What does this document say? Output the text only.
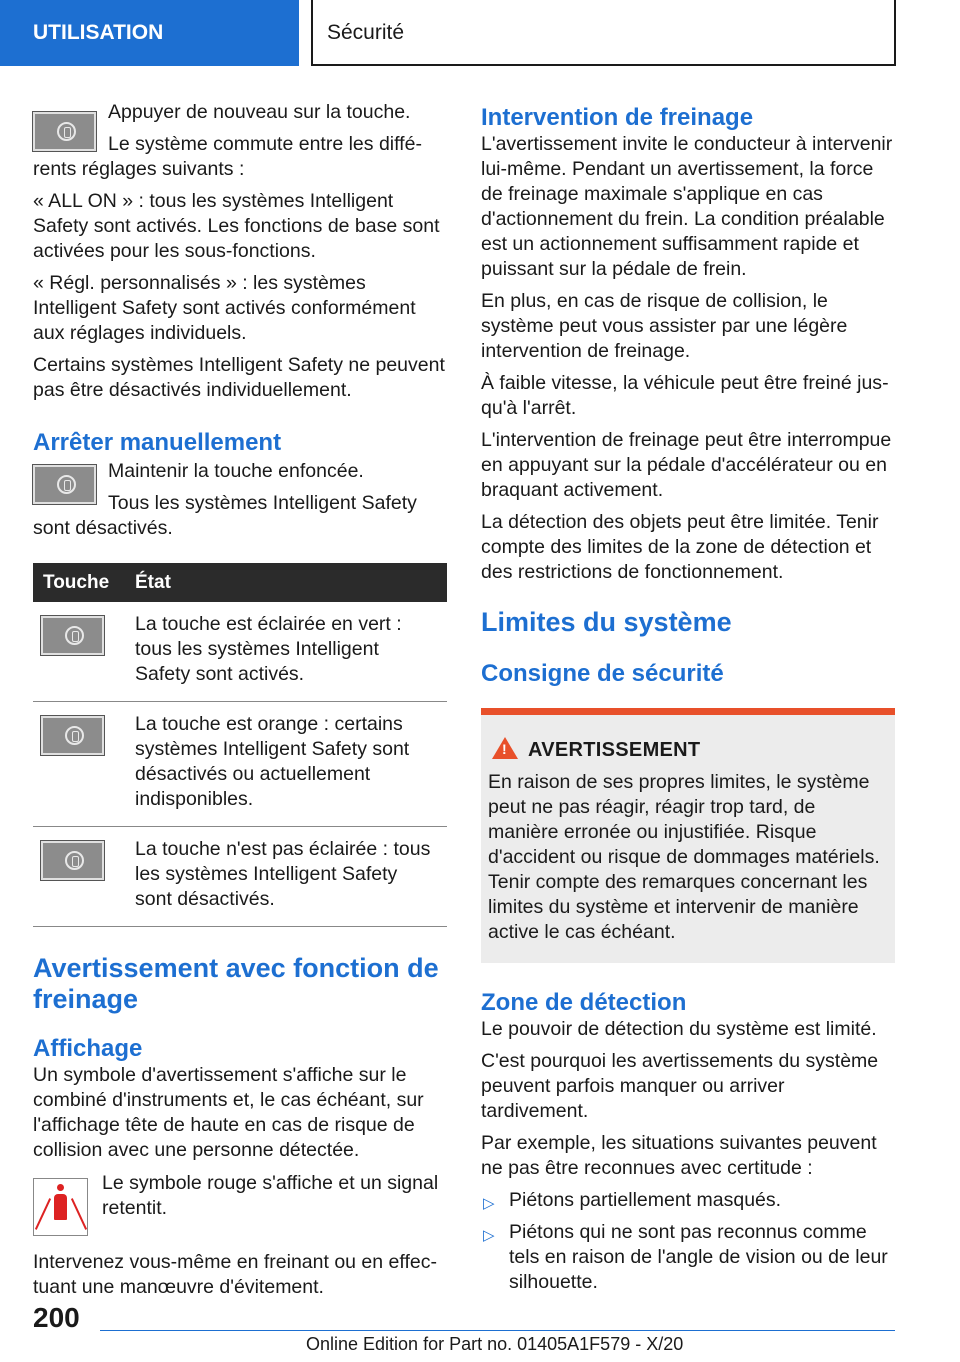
UTILISATION	Sécurité

Appuyer de nouveau sur la touche.

Le système commute entre les différents réglages suivants :

« ALL ON » : tous les systèmes Intelligent Safety sont activés. Les fonctions de base sont activées pour les sous-fonctions.

« Régl. personnalisés » : les systèmes Intelligent Safety sont activés conformément aux réglages individuels.

Certains systèmes Intelligent Safety ne peuvent pas être désactivés individuellement.

Arrêter manuellement

Maintenir la touche enfoncée.

Tous les systèmes Intelligent Safety sont désactivés.

Touche	État

	La touche est éclairée en vert : tous les systèmes Intelligent Safety sont activés.

	La touche est orange : certains systèmes Intelligent Safety sont désactivés ou actuellement indisponibles.

	La touche n'est pas éclairée : tous les systèmes Intelligent Safety sont désactivés.
Avertissement avec fonction de freinage
Affichage

Un symbole d'avertissement s'affiche sur le combiné d'instruments et, le cas échéant, sur l'affichage tête de haute en cas de risque de collision avec une personne détectée.

Le symbole rouge s'affiche et un signal retentit.

Intervenez vous-même en freinant ou en effectuant une manœuvre d'évitement.

Intervention de freinage

L'avertissement invite le conducteur à intervenir lui-même. Pendant un avertissement, la force de freinage maximale s'applique en cas d'actionnement du frein. La condition préalable est un actionnement suffisamment rapide et puissant sur la pédale de frein.

En plus, en cas de risque de collision, le système peut vous assister par une légère intervention de freinage.

À faible vitesse, la véhicule peut être freiné jusqu'à l'arrêt.

L'intervention de freinage peut être interrompue en appuyant sur la pédale d'accélérateur ou en braquant activement.

La détection des objets peut être limitée. Tenir compte des limites de la zone de détection et des restrictions de fonctionnement.

Limites du système
Consigne de sécurité
!
AVERTISSEMENT

En raison de ses propres limites, le système peut ne pas réagir, réagir trop tard, de manière erronée ou injustifiée. Risque d'accident ou risque de dommages matériels. Tenir compte des remarques concernant les limites du système et intervenir de manière active le cas échéant.

Zone de détection

Le pouvoir de détection du système est limité.

C'est pourquoi les avertissements du système peuvent parfois manquer ou arriver tardivement.

Par exemple, les situations suivantes peuvent ne pas être reconnues avec certitude :

▷ Piétons partiellement masqués.

▷ Piétons qui ne sont pas reconnus comme tels en raison de l'angle de vision ou de leur silhouette.

200
Online Edition for Part no. 01405A1F579 - X/20
